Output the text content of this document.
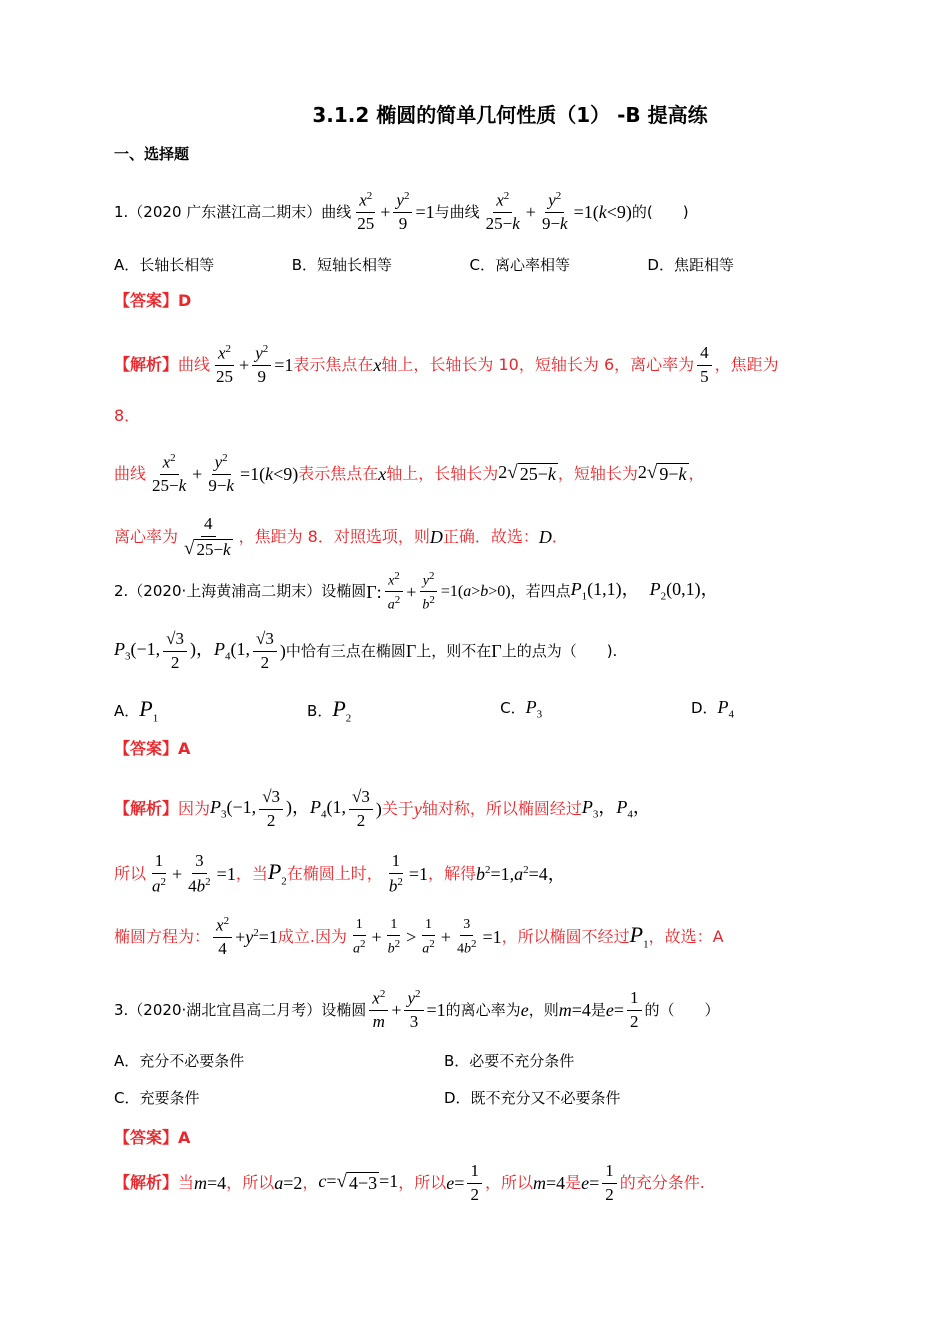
3.1.2 椭圆的简单几何性质（1） -B 提高练
一、选择题
1.（2020 广东湛江高二期末）曲线 $\frac{x^2}{25} + \frac{y^2}{9} =1$ 与曲线 $\frac{x^2}{25-k} + \frac{y^2}{9-k} =1(k<9)$ 的(　　)
A．长轴长相等	B．短轴长相等	C．离心率相等	D．焦距相等
【答案】D
【解析】 曲线 $\frac{x^2}{25} + \frac{y^2}{9} =1$ 表示焦点在 x 轴上，长轴长为 10，短轴长为 6，离心率为 $\frac{4}{5}$ ，焦距为
8．
曲线 $\frac{x^2}{25-k} + \frac{y^2}{9-k} =1(k<9)$ 表示焦点在 x 轴上，长轴长为 2 √ 25−k ，短轴长为 2 √ 9−k ，
离心率为 $\frac{4}{√ 25-k}$ ，焦距为 8．对照选项，则 D 正确．故选： D ．
2.（2020·上海黄浦高二期末）设椭圆 Γ: $\frac{x^2}{a^2} + \frac{y^2}{b^2} =1(a>b>0)$ ，若四点 $P_1(1,1)$， $P_2(0,1)$，
$P_3(-1$, $\frac{√3}{2}$ )，$P_4(1$, $\frac{√3}{2}$ ) 中恰有三点在椭圆 Γ 上，则不在 Γ 上的点为（　　).
A．$P_1$	B．$P_2$
C．$P_3$	D．$P_4$
【答案】A
【解析】 因为 $P_3(-1$, $\frac{√3}{2}$ )，$P_4(1$, $\frac{√3}{2}$ ) 关于 y 轴对称，所以椭圆经过 $P_3$，$P_4$，
所以 $\frac{1}{a^2} + \frac{3}{4b^2} =1$ ，当 $P_2$ 在椭圆上时， $\frac{1}{b^2} =1$ ，解得 $b^2=1,a^2=4$，
椭圆方程为： $\frac{x^2}{4} +y^2=1$ 成立.因为 $\frac{1}{a^2} + \frac{1}{b^2} > \frac{1}{a^2} + \frac{3}{4b^2} =1$ ，所以椭圆不经过 $P_1$ ，故选：A
3.（2020·湖北宜昌高二月考）设椭圆 $\frac{x^2}{m} + \frac{y^2}{3} =1$ 的离心率为 e ，则 m=4 是 $e= \frac{1}{2}$ 的（　　）
A．充分不必要条件	B．必要不充分条件
C．充要条件	D．既不充分又不必要条件
【答案】A
【解析】 当 m=4 ，所以 a=2 ， c= √ 4−3 =1 ，所以 $e= \frac{1}{2}$ ，所以 m=4 是 $e= \frac{1}{2}$ 的充分条件.
